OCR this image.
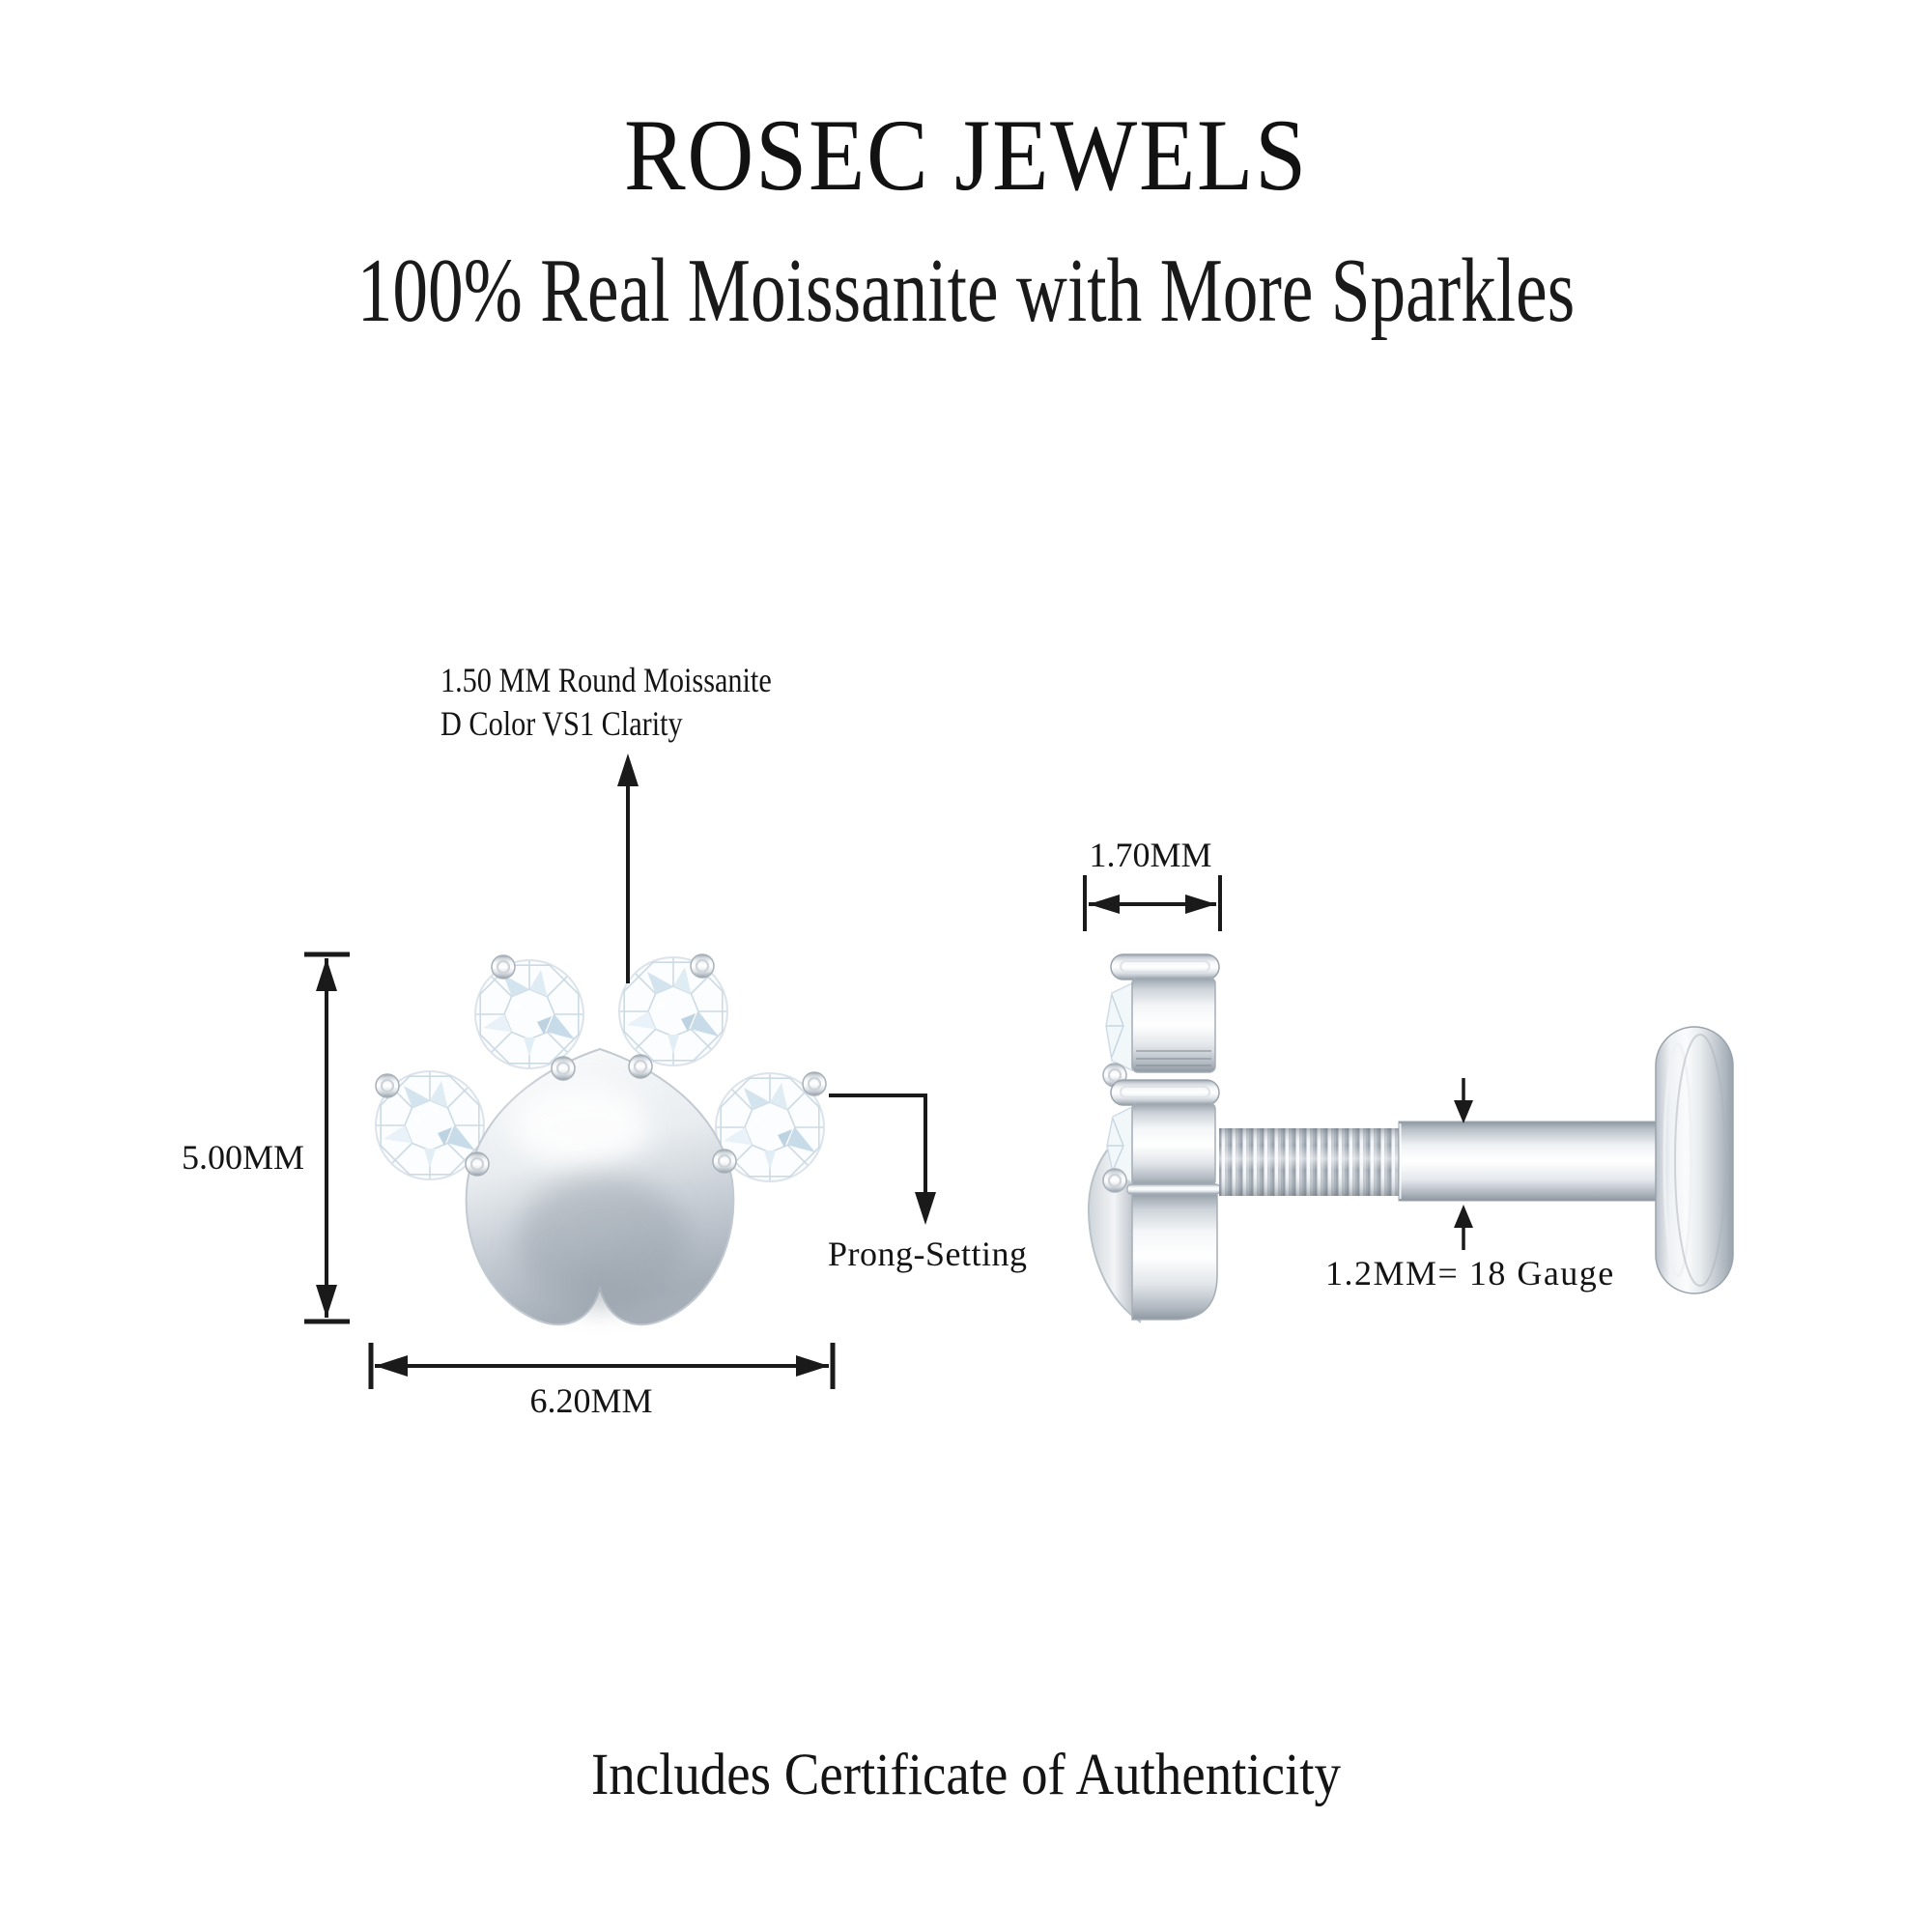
ROSEC JEWELS
100% Real Moissanite with More Sparkles
1.50 MM Round Moissanite
D Color VS1 Clarity
5.00MM
6.20MM
Prong-Setting
1.70MM
1.2MM= 18 Gauge
Includes Certificate of Authenticity
